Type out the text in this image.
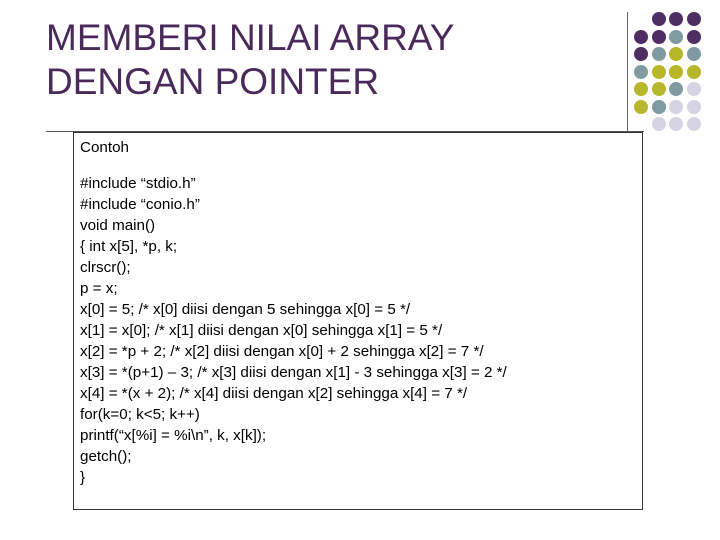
MEMBERI NILAI ARRAY
DENGAN POINTER
Contoh
#include “stdio.h”
#include “conio.h”
void main()
{ int x[5], *p, k;
clrscr();
p = x;
x[0] = 5; /* x[0] diisi dengan 5 sehingga x[0] = 5 */
x[1] = x[0]; /* x[1] diisi dengan x[0] sehingga x[1] = 5 */
x[2] = *p + 2; /* x[2] diisi dengan x[0] + 2 sehingga x[2] = 7 */
x[3] = *(p+1) – 3; /* x[3] diisi dengan x[1] - 3 sehingga x[3] = 2 */
x[4] = *(x + 2); /* x[4] diisi dengan x[2] sehingga x[4] = 7 */
for(k=0; k<5; k++)
printf(“x[%i] = %i\n”, k, x[k]);
getch();
}
